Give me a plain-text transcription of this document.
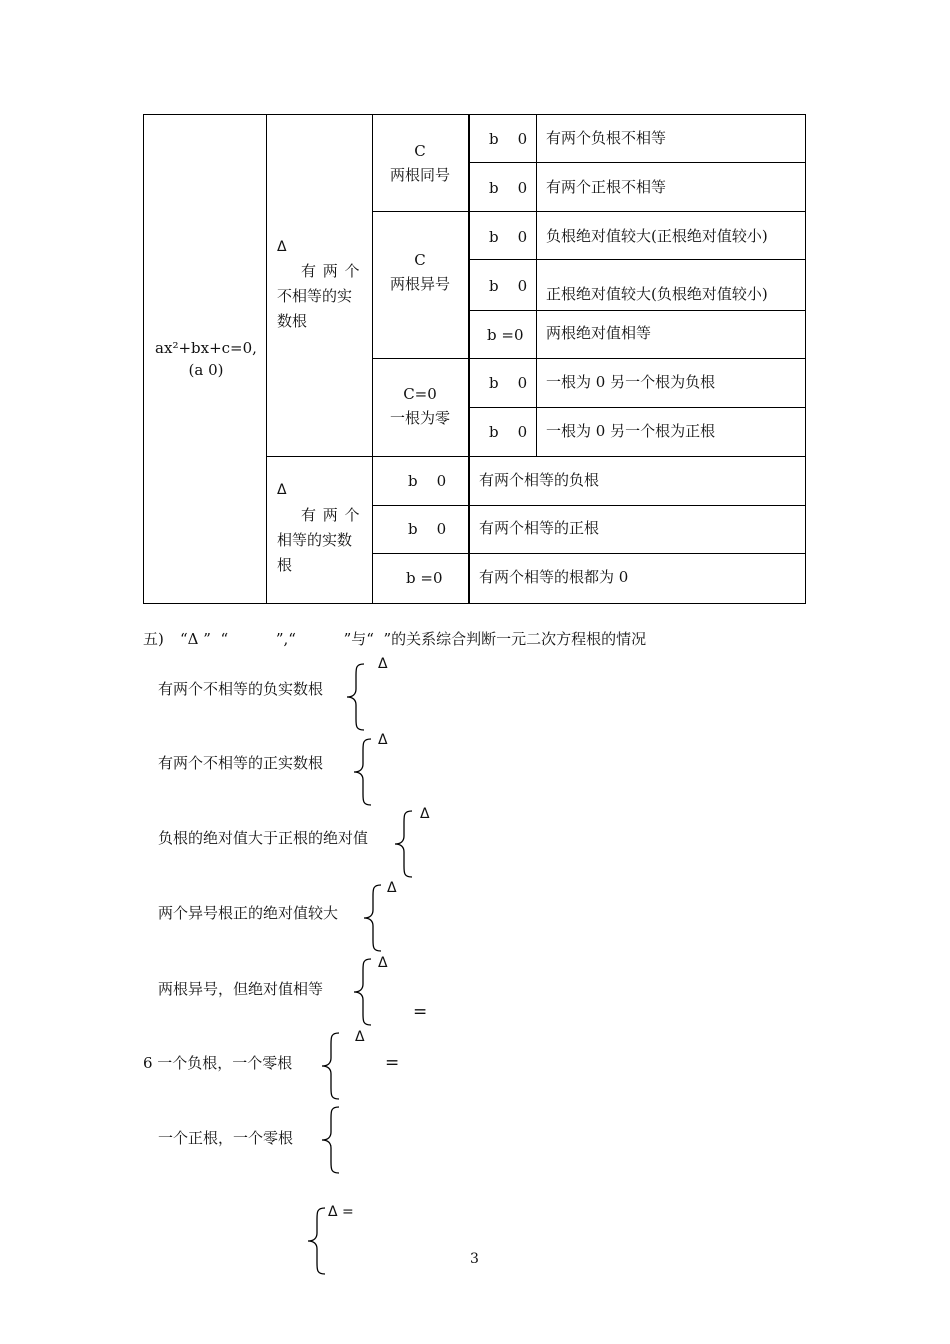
ax²+bx+c=0,
(a 0)
Δ
有 两 个
不相等的实
数根
Δ
有 两 个
相等的实数
根
C
两根同号
C
两根异号
C=0
一根为零
b    0 有两个负根不相等
b    0 有两个正根不相等
b    0 负根绝对值较大(正根绝对值较小)
b    0 正根绝对值较大(负根绝对值较小)
b =0 两根绝对值相等
b    0 一根为 0 另一个根为负根
b    0 一根为 0 另一个根为正根
b    0 有两个相等的负根
b    0 有两个相等的正根
b =0 有两个相等的根都为 0
五) “Δ ”  “          ”,“          ”与“  ”的关系综合判断一元二次方程根的情况
有两个不相等的负实数根
Δ
有两个不相等的正实数根
Δ
负根的绝对值大于正根的绝对值
Δ
两个异号根正的绝对值较大
Δ
两根异号，但绝对值相等
Δ
=
6 一个负根，一个零根
Δ
=
一个正根，一个零根
Δ =
3
